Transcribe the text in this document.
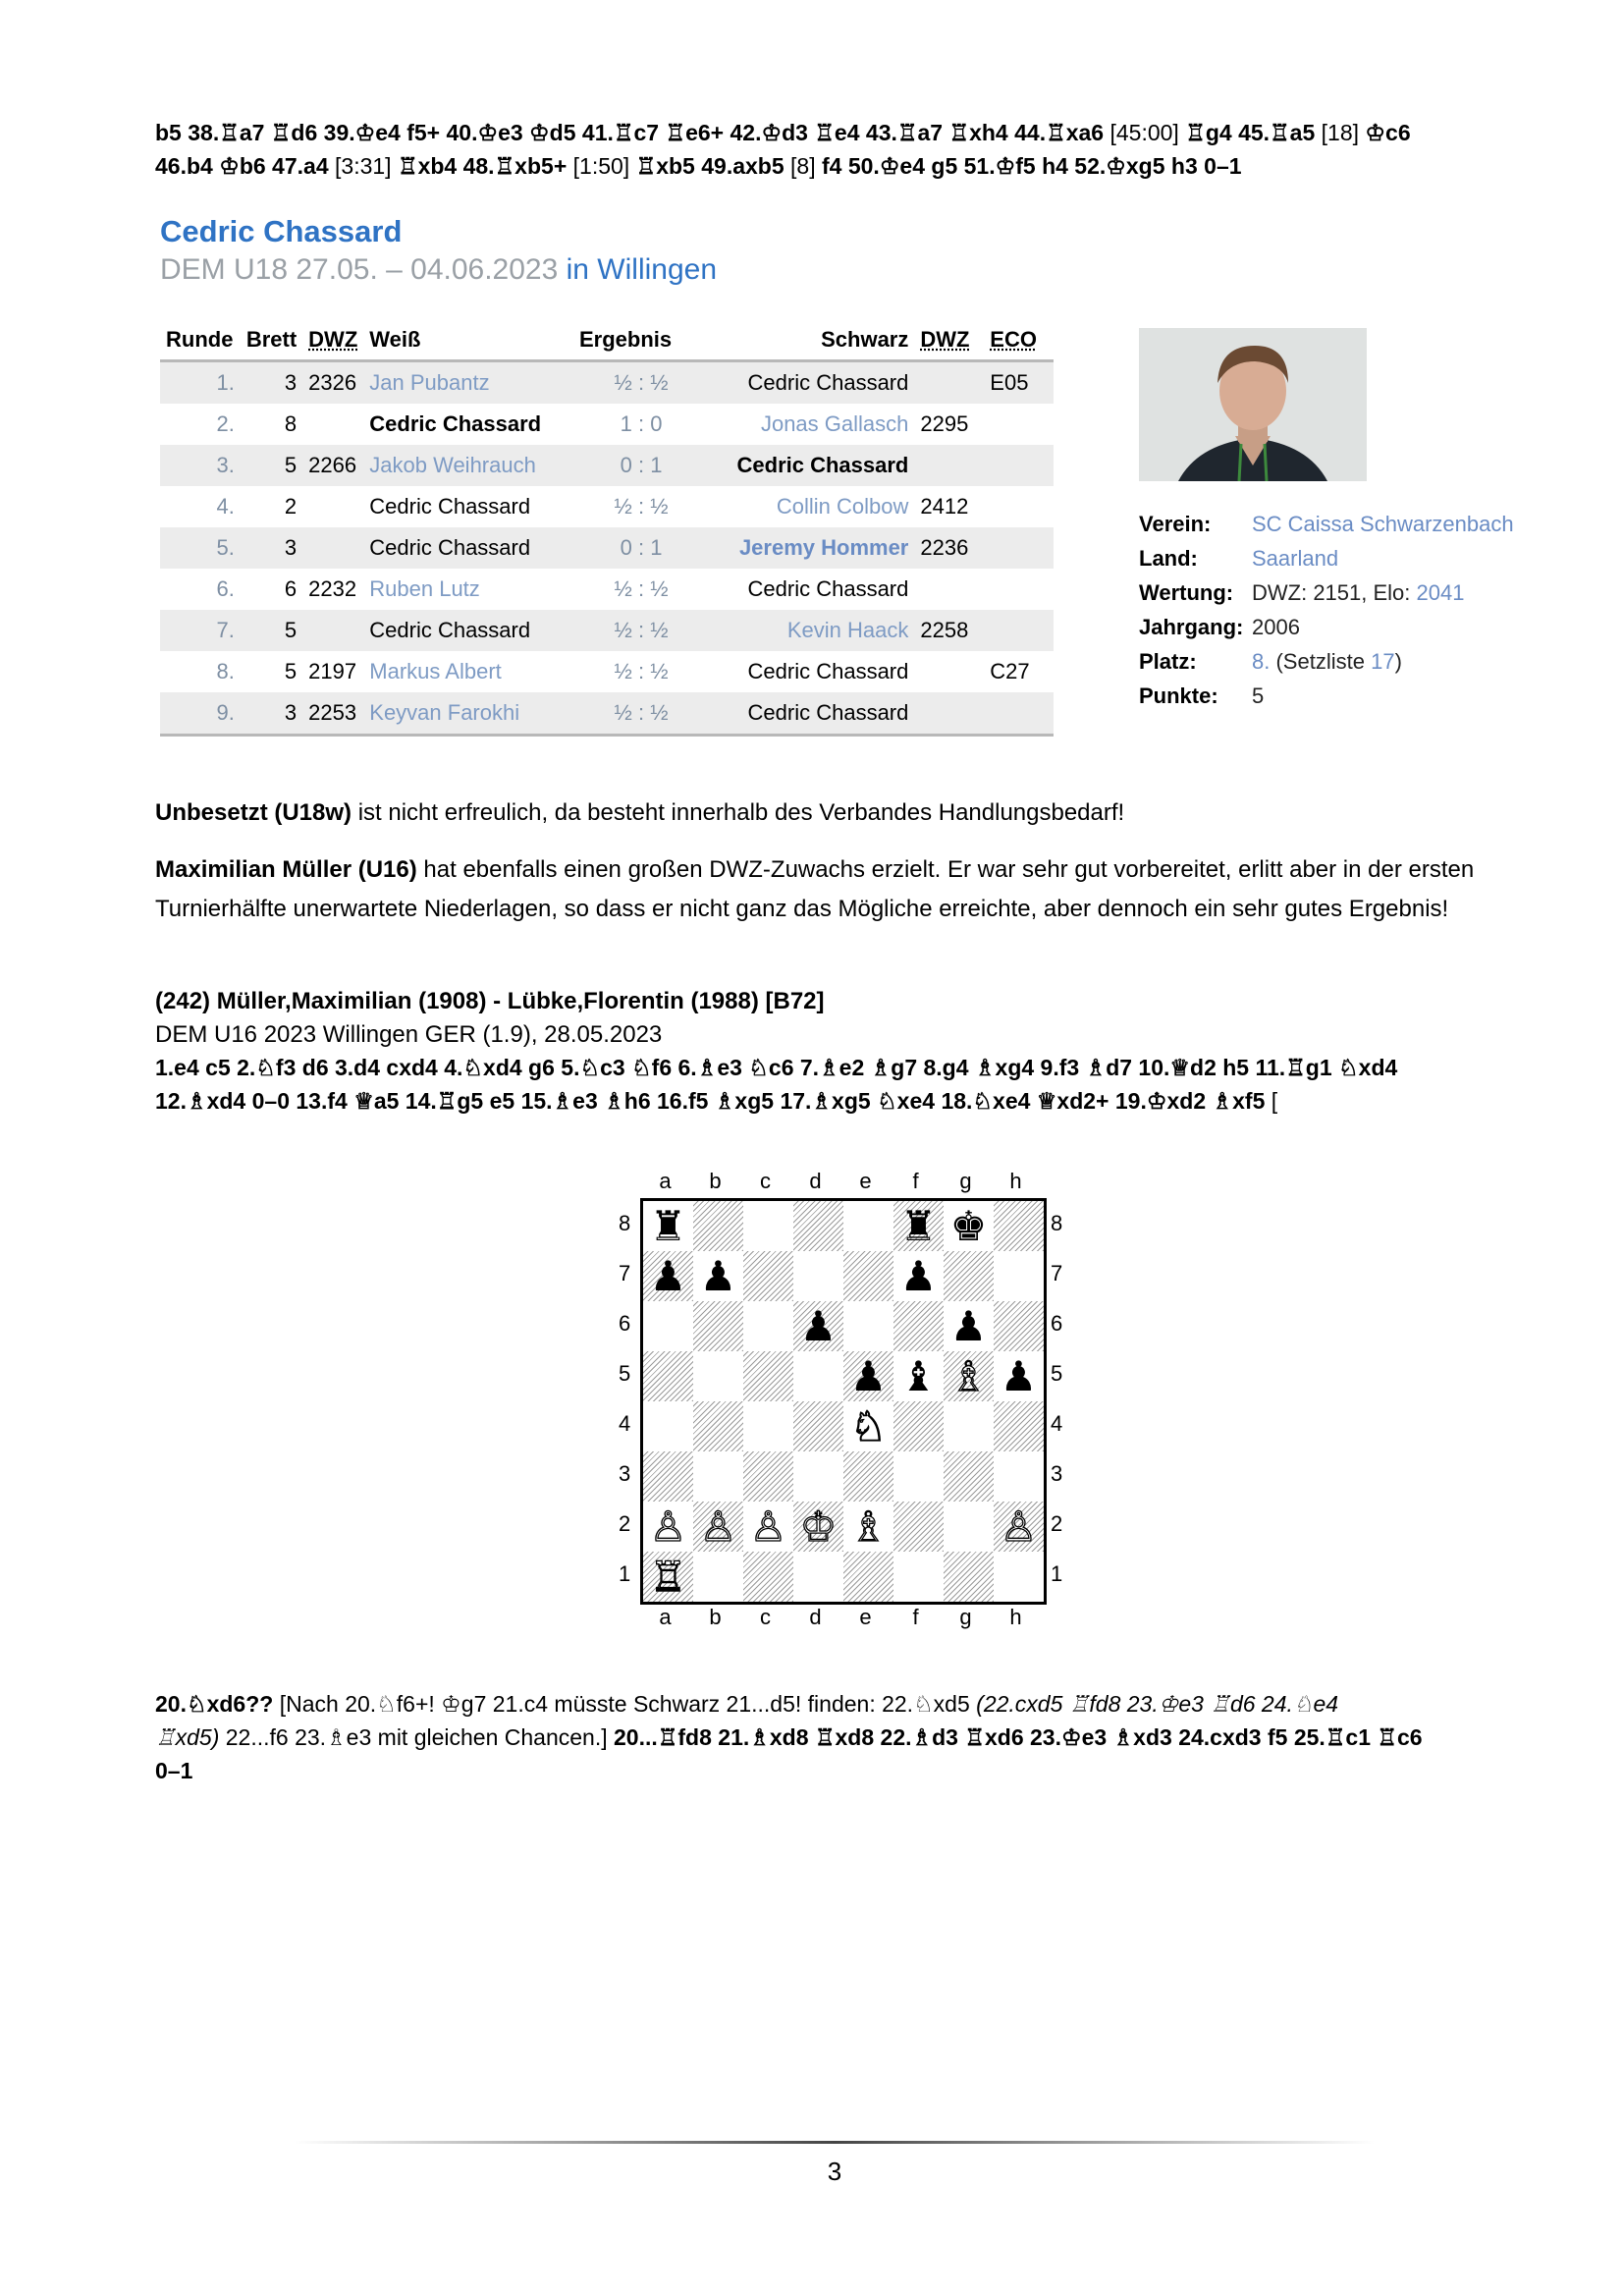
b5 38.♖a7 ♖d6 39.♔e4 f5+ 40.♔e3 ♔d5 41.♖c7 ♖e6+ 42.♔d3 ♖e4 43.♖a7 ♖xh4 44.♖xa6 [45:00] ♖g4 45.♖a5 [18] ♔c6
46.b4 ♔b6 47.a4 [3:31] ♖xb4 48.♖xb5+ [1:50] ♖xb5 49.axb5 [8] f4 50.♔e4 g5 51.♔f5 h4 52.♔xg5 h3 0–1
Cedric Chassard
DEM U18 27.05. – 04.06.2023 in Willingen
Runde	Brett	DWZ	Weiß	Ergebnis	Schwarz	DWZ	ECO
1.	3	2326	Jan Pubantz	½ : ½	Cedric Chassard		E05
2.	8		Cedric Chassard	1 : 0	Jonas Gallasch	2295	
3.	5	2266	Jakob Weihrauch	0 : 1	Cedric Chassard		
4.	2		Cedric Chassard	½ : ½	Collin Colbow	2412	
5.	3		Cedric Chassard	0 : 1	Jeremy Hommer	2236	
6.	6	2232	Ruben Lutz	½ : ½	Cedric Chassard		
7.	5		Cedric Chassard	½ : ½	Kevin Haack	2258	
8.	5	2197	Markus Albert	½ : ½	Cedric Chassard		C27
9.	3	2253	Keyvan Farokhi	½ : ½	Cedric Chassard		
Verein:	SC Caissa Schwarzenbach
Land:	Saarland
Wertung: DWZ: 2151, Elo: 2041
Jahrgang: 2006
Platz:	8. (Setzliste 17)
Punkte:	5
Unbesetzt (U18w) ist nicht erfreulich, da besteht innerhalb des Verbandes Handlungsbedarf!
Maximilian Müller (U16) hat ebenfalls einen großen DWZ-Zuwachs erzielt. Er war sehr gut vorbereitet, erlitt aber in der ersten Turnierhälfte unerwartete Niederlagen, so dass er nicht ganz das Mögliche erreichte, aber dennoch ein sehr gutes Ergebnis!
(242) Müller,Maximilian (1908) - Lübke,Florentin (1988) [B72]
DEM U16 2023 Willingen GER (1.9), 28.05.2023
1.e4 c5 2.♘f3 d6 3.d4 cxd4 4.♘xd4 g6 5.♘c3 ♘f6 6.♗e3 ♘c6 7.♗e2 ♗g7 8.g4 ♗xg4 9.f3 ♗d7 10.♕d2 h5 11.♖g1 ♘xd4
12.♗xd4 0–0 13.f4 ♕a5 14.♖g5 e5 15.♗e3 ♗h6 16.f5 ♗xg5 17.♗xg5 ♘xe4 18.♘xe4 ♕xd2+ 19.♔xd2 ♗xf5 [
a	b	c	d	e	f	g	h
8
7
6
5
4
3
2
1
♜	♜ ♚
♟ ♟	♟
♟	♟
♟ ♝ ♗ ♟
♘
♙ ♙ ♙ ♔ ♗	♙
♖
8
7
6
5
4
3
2
1
a	b	c	d	e	f	g	h
20.♘xd6?? [Nach 20.♘f6+! ♔g7 21.c4 müsste Schwarz 21...d5! finden: 22.♘xd5 (22.cxd5 ♖fd8 23.♔e3 ♖d6 24.♘e4
♖xd5) 22...f6 23.♗e3 mit gleichen Chancen.] 20...♖fd8 21.♗xd8 ♖xd8 22.♗d3 ♖xd6 23.♔e3 ♗xd3 24.cxd3 f5 25.♖c1 ♖c6
0–1
3
